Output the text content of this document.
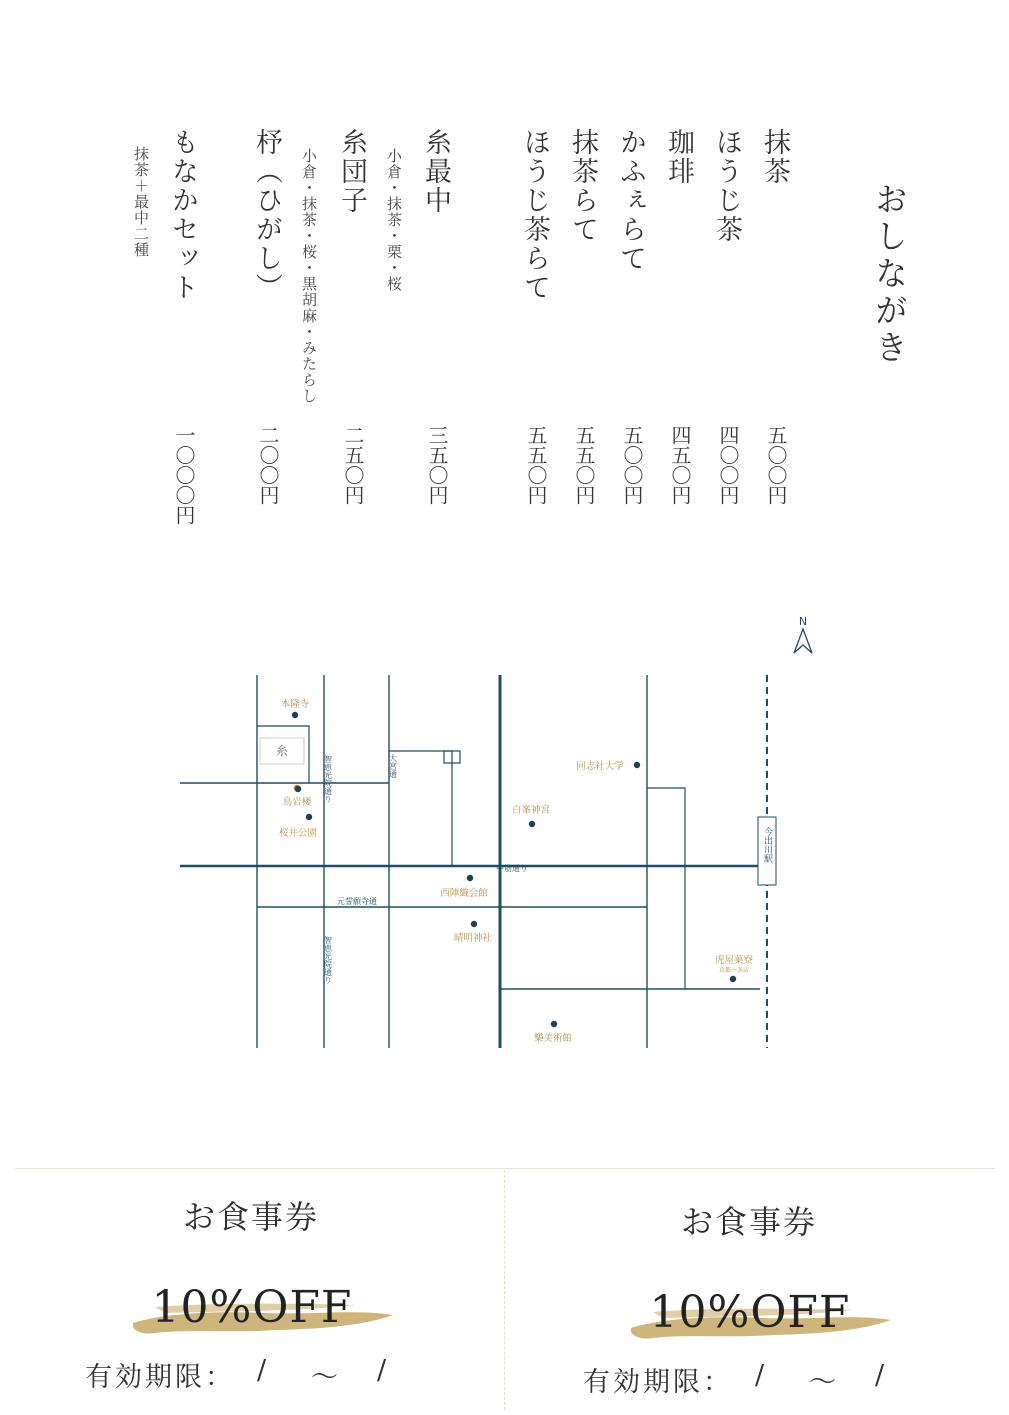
おしながき
抹茶
五〇〇円
ほうじ茶
四〇〇円
珈琲
四五〇円
かふぇらて
五〇〇円
抹茶らて
五五〇円
ほうじ茶らて
五五〇円
糸最中
小倉・抹茶・栗・桜
三五〇円
糸団子
小倉・抹茶・桜・黒胡麻・みたらし
二五〇円
杼（ひがし）
二〇〇円
もなかセット
抹茶＋最中二種
一〇〇〇円
N
本隆寺
糸
鳥岩楼
桜井公園
中筋通り
西陣織会館
元誓願寺通
晴明神社
同志社大学
白峯神宮
虎屋菓寮
京都一条店
樂美術館
智恵光院通り	大宮通
智恵光院通り
今出川駅
お食事券
10%OFF
有効期限： / 〜 /
お食事券
10%OFF
有効期限： / 〜 /
